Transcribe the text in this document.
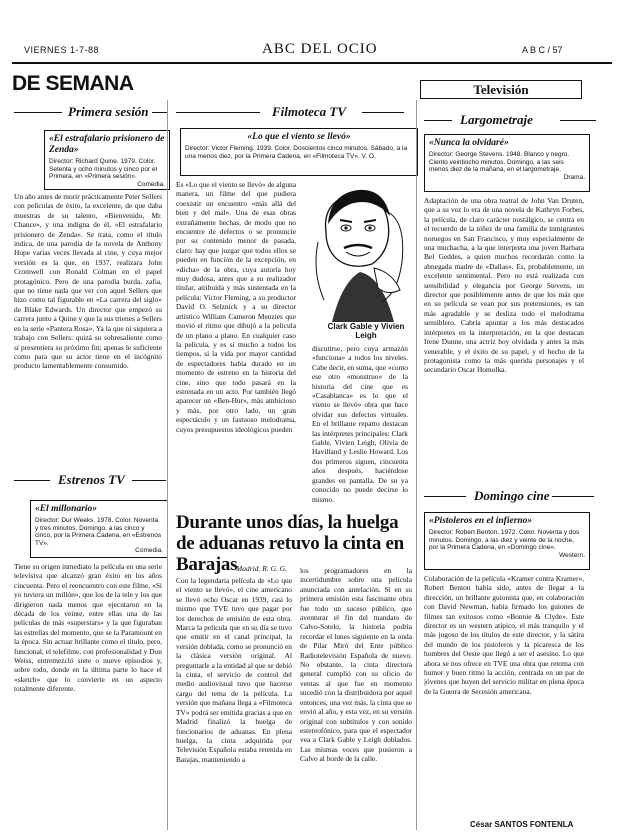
VIERNES 1-7-88	ABC DEL OCIO	A B C / 57
DE SEMANA	Televisión
Primera sesión
«El estrafalario prisionero de Zenda»
Director: Richard Quine. 1979. Color. Setenta y ocho minutos y cinco por el Primera, en «Primera sesión».
Comedia.
Un año antes de morir prácticamente Peter Sellers con películas de éxito, la excelente, de que daba muestras de su talento, «Bienvenido, Mr. Chance», y una indigna de él, «El estrafalario prisionero de Zenda». Se trata, como el título indica, de una parodia de la novela de Anthony Hope varias veces llevada al cine, y cuya mejor versión es la que, en 1937, realizara John Cromwell con Ronald Colman en el papel protagónico. Pero de una parodia burda, zafia, que no tiene nada que ver con aquel Sellers que hizo como tal figurable en «La carrera del siglo» de Blake Edwards. Un director que empezó su carrera junto a Quine y que la sus trienes a Sellers en la serie «Pantera Rosa». Ya la que ni siquiera a trabajo con Sellers: quizá su sobresaliente como sí presentiera su próximo fin; apenas le suficiente como para que su actor tiene en el incógnito producto lamentablemente consumido.
Estrenos TV
«El millonario»
Director: Dur Weeks. 1978. Color. Noventa y tres minutos. Domingo, a las cinco y cinco, por la Primera Cadena, en «Estrenos TV».
Comedia.
Tiene su origen inmediato la película en una serie televisiva que alcanzó gran éxito en los años cincuenta. Pero el reencuentro con este filme, «Si yo tuviera un millón», que los de la tele y los que dirigieron nada menos que ejecutaron en la década de los veinte, entre ellas una de las películas de más «superstars» y la que figuraban las estrellas del momento, que se la Paramount en la época. Sin actuar brillante como el título, pero, funcional, el telefilme, con profesionalidad y Don Weiss, entremezcló siete o nueve episodios y, sobre todo, donde en la última parte lo hace el «sketch» que lo convierte en un aspecto totalmente diferente.
Filmoteca TV
«Lo que el viento se llevó»
Director: Victor Fleming. 1939. Color. Doscientos cinco minutos. Sábado, a la una menos diez, por la Primera Cadena, en «Filmoteca TV». V. O.
Es «Lo que el viento se llevó» de alguna manera, un filme del que pudiera coexistir un encuentro «más allá del bien y del mal». Una de esas obras extrañamente hechas, de modo que no encuentre de defectos o se pronuncie por su contenido menor de pasada, claro: hay que juzgar que todos ellos se pueden en función de la excepción, en «dicha» de la obra, cuya autoría hoy muy dudosa, antes que a su realizador titular, atribuida y más sustentada en la película: Victor Fleming, a su productor David O. Selznick y a su director artístico William Cameron Menzies que movió el ritmo que dibujó a la película de un plano a plano. En cualquier caso la película, y es sí mucho a todos los tiempos, si la vida por mayor cantidad de espectadores había durado en un momento de estreno en la historia del cine, sino que todo pasará en la estrenada en un acto. Por también llegó aparecer un «Ben-Hur», más ambicioso y más, por otro lado, un gran espectáculo y un fastuoso melodrama, cuyos presupuestos ideológicos pueden
Clark Gable y Vivien Leigh
discutirse, pero cuya armazón «funciona» a todos los niveles. Cabe decir, en suma, que «como ese otro «monstruo» de la historia del cine que es «Casablanca» es lo que el viento se llevó» obra que hace olvidar sus defectos virtuales. En el brillante reparto destacan las intérpretes principales: Clark Gable, Vivien Leigh, Olivia de Havilland y Leslie Howard. Los dos primeros siguen, cincuenta años después, haciéndose grandes en pantalla. De su ya conocido no puede decirse lo mismo.
Durante unos días, la huelga de aduanas retuvo la cinta en Barajas
Madrid. R. G. G.
Con la legendaria película de «Lo que el viento se llevó», el cine americano se llevó ocho Oscar en 1939, casi lo mismo que TVE tuvo que pagar por los derechos de emisión de esta obra. Marca la película que en su día se tuvo que emitir en el canal principal, la versión doblada, como se pronunció en la clásica versión original. Al preguntarle a la entidad al que se debió la cinta, el servicio de control del medio audiovisual tuvo que hacerse cargo del tema de la película. La versión que mañana llega a «Filmoteca TV» podrá ser emitida gracias a que en Madrid finalizó la huelga de funcionarios de aduanas. En plena huelga, la cinta adquirida por Televisión Española estaba retenida en Barajas, manteniendo a
los programadores en la incertidumbre sobre una película anunciada con antelación. Si en su primera emisión esta fascinante obra fue todo un suceso público, que aventurar el fin del mandato de Calvo-Sotelo, la historia podría recordar el lunes siguiente en la onda de Pilar Miró del Ente público Radiotelevisión Española de nuevo. No obstante, la cinta directora general cumplió con su oficio de ventas al que fue en momento sucedió con la distribuidora por aquel entonces, una vez más, la cinta que se envió al año, y esta vez, en su versión original con subtítulos y con sonido estereofónico, para que el espectador vea a Clark Gable y Leigh doblados. Las mismas voces que pusieron a Calvo al borde de la calle.
Largometraje
«Nunca la olvidaré»
Director: George Stevens. 1948. Blanco y negro. Ciento veintiocho minutos. Domingo, a las seis menos diez de la mañana, en el largometraje.
Drama.
Adaptación de una obra teatral de John Van Druten, que a su vez lo era de una novela de Kathryn Forbes, la película, de claro carácter nostálgico, se centra en el recuerdo de la niñez de una familia de inmigrantes noruegos en San Francisco, y muy especialmente de una muchacha, a la que interpreta una joven Barbara Bel Geddes, a quien muchos recordarán como la abnegada madre de «Dallas». Es, probablemente, un excelente sentimental. Pero no está realizada con sensibilidad y elegancia por George Stevens, un director que posiblemente antes de que los más que en su película se vean por sus pretensiones, es tan más agradable y se desliza todo el melodrama sensiblero. Cabría apuntar a los más destacados intérpretes en la interpretación, en la que destacan Irene Dunne, una actriz hoy olvidada y antes la más venerable, y el éxito de su papel, y el hecho de la protagonista como la más querida personajes y el secundario Oscar Homolka.
Domingo cine
«Pistoleros en el infierno»
Director: Robert Benton. 1972. Color. Noventa y dos minutos. Domingo, a las diez y veinte de la noche, por la Primera Cadena, en «Domingo cine».
Western.
Colaboración de la película «Kramer contra Kramer», Robert Benton había sido, antes de llegar a la dirección, un brillante guionista que, en colaboración con David Newman, había firmado los guiones de filmes tan exitosos como «Bonnie & Clyde». Este director es un western atípico, el más tranquilo y el más jugoso de los títulos de este director, y la sátira del mundo de los pistoleros y la picaresca de los hombres del Oeste que llegó a ser el asesino. Lo que ahora se nos ofrece en TVE una obra que retoma con humor y buen ritmo la acción, centrada en un par de jóvenes que huyen del servicio militar en plena época de la Guerra de Secesión americana.
César SANTOS FONTENLA
